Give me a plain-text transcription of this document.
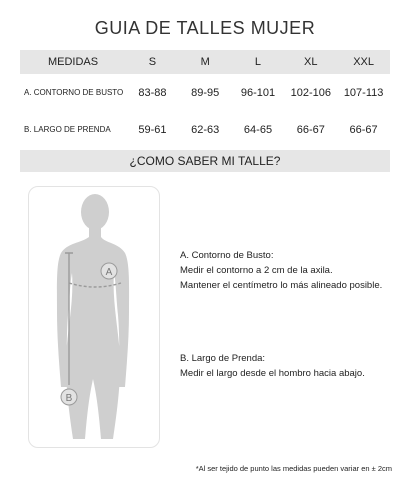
GUIA DE TALLES MUJER
MEDIDAS	S	M	L	XL	XXL
A. CONTORNO DE BUSTO	83-88	89-95	96-101	102-106	107-113
B. LARGO DE PRENDA	59-61	62-63	64-65	66-67	66-67
¿COMO SABER MI TALLE?
A
B
A. Contorno de Busto:
Medir el contorno a 2 cm de la axila.
Mantener el centímetro lo más alineado posible.
B. Largo de Prenda:
Medir el largo desde el hombro hacia abajo.
*Al ser tejido de punto las medidas pueden variar en ± 2cm
